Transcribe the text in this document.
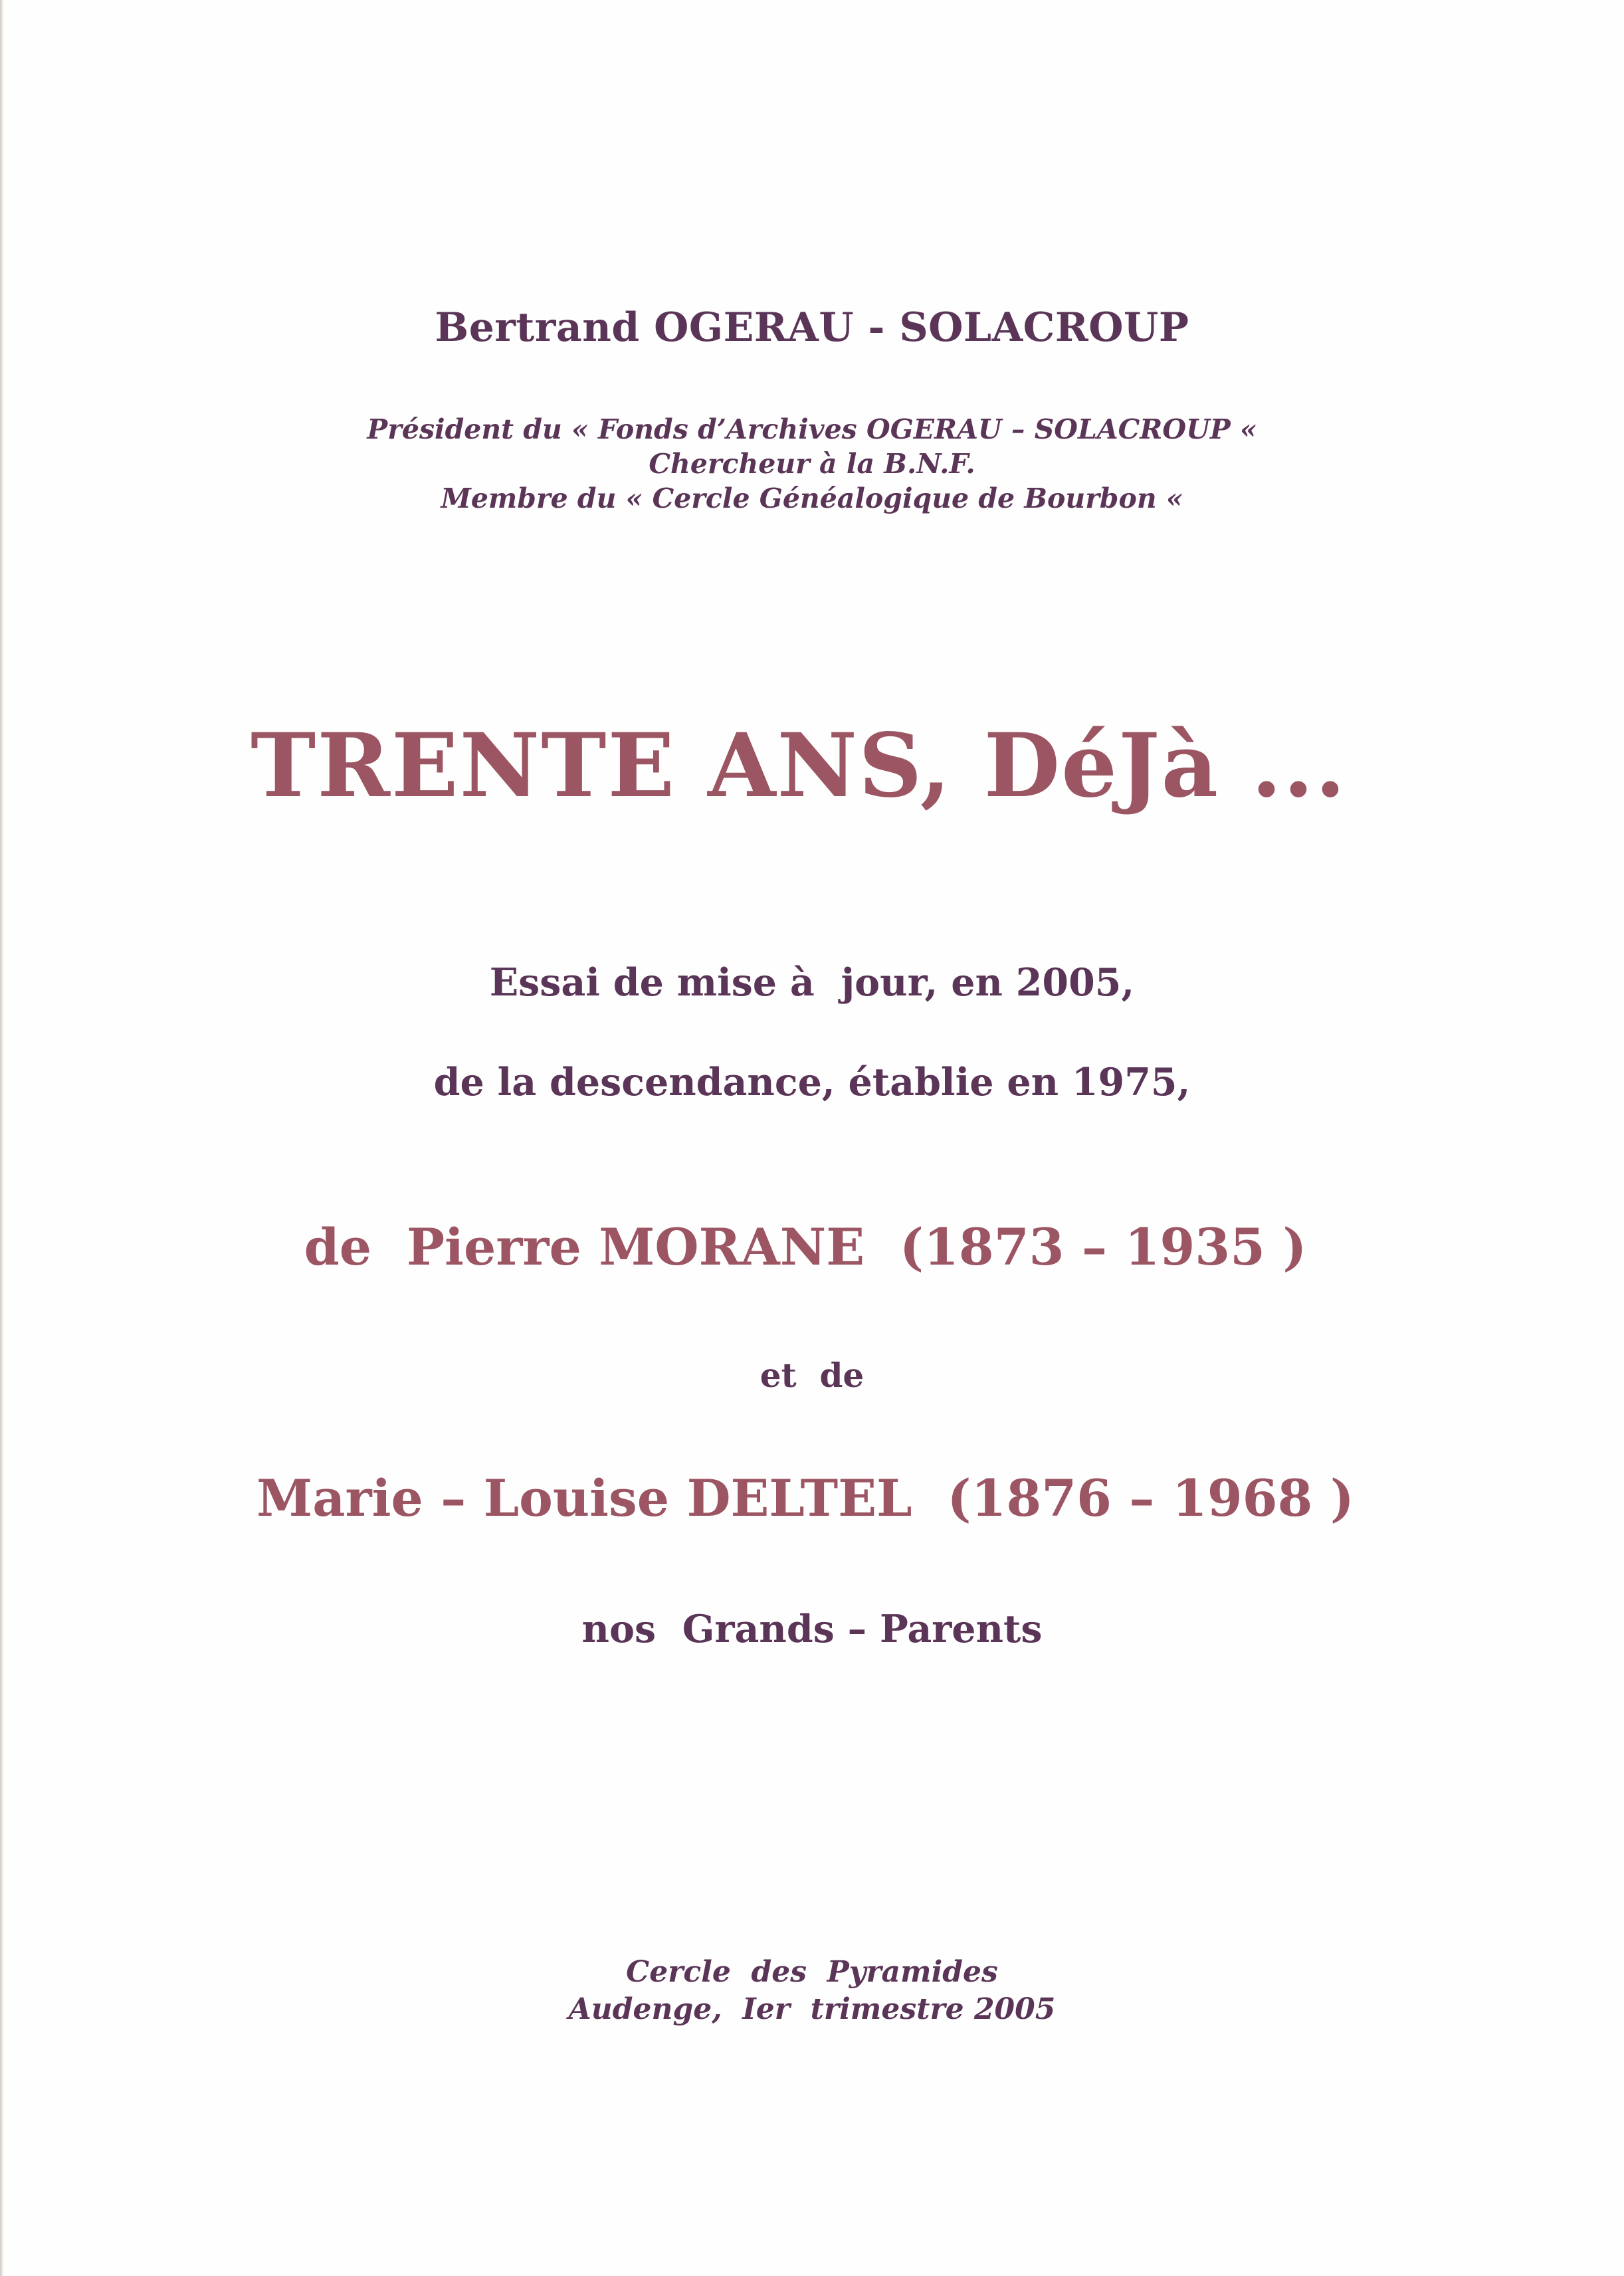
Bertrand OGERAU - SOLACROUP
Président du « Fonds d’Archives OGERAU – SOLACROUP «
Chercheur à la B.N.F.
Membre du « Cercle Généalogique de Bourbon «
TRENTE ANS, DéJà ...
Essai de mise à  jour, en 2005,
de la descendance, établie en 1975,
de  Pierre MORANE  (1873 – 1935 )
et  de
Marie – Louise DELTEL  (1876 – 1968 )
nos  Grands – Parents
Cercle  des  Pyramides
Audenge,  Ier  trimestre 2005
